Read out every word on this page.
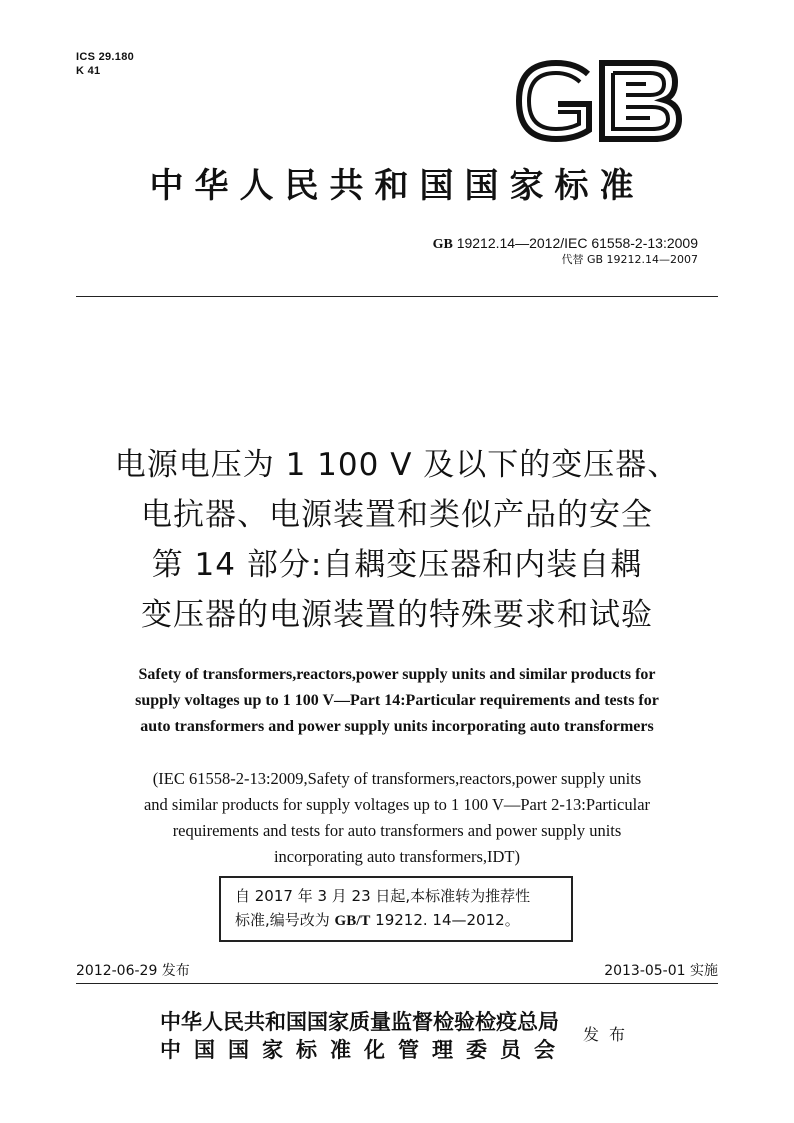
ICS 29.180
K 41
中华人民共和国国家标准
GB 19212.14—2012/IEC 61558-2-13:2009
代替 GB 19212.14—2007
电源电压为 1 100 V 及以下的变压器、
电抗器、电源装置和类似产品的安全
第 14 部分:自耦变压器和内装自耦
变压器的电源装置的特殊要求和试验
Safety of transformers,reactors,power supply units and similar products for
supply voltages up to 1 100 V—Part 14:Particular requirements and tests for
auto transformers and power supply units incorporating auto transformers
(IEC 61558-2-13:2009,Safety of transformers,reactors,power supply units
and similar products for supply voltages up to 1 100 V—Part 2-13:Particular
requirements and tests for auto transformers and power supply units
incorporating auto transformers,IDT)
自 2017 年 3 月 23 日起,本标准转为推荐性
标准,编号改为 GB/T 19212. 14—2012。
2012-06-29 发布	2013-05-01 实施
中华人民共和国国家质量监督检验检疫总局
中国国家标准化管理委员会
发布
